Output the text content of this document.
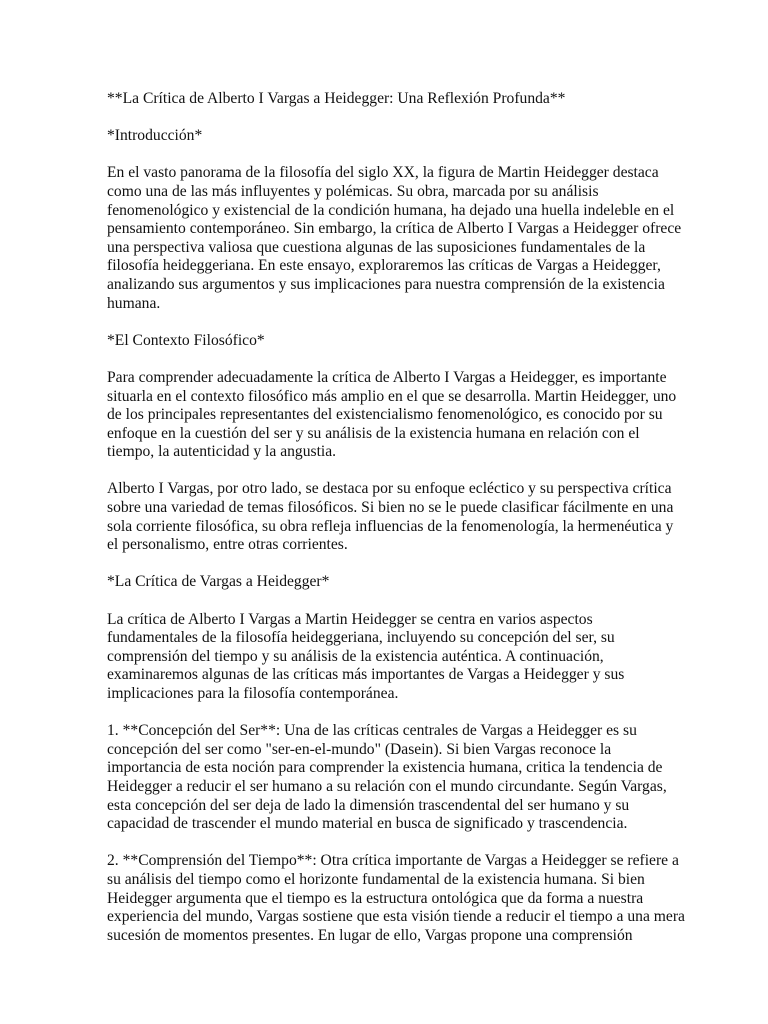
**La Crítica de Alberto I Vargas a Heidegger: Una Reflexión Profunda**

*Introducción*

En el vasto panorama de la filosofía del siglo XX, la figura de Martin Heidegger destaca como una de las más influyentes y polémicas. Su obra, marcada por su análisis fenomenológico y existencial de la condición humana, ha dejado una huella indeleble en el pensamiento contemporáneo. Sin embargo, la crítica de Alberto I Vargas a Heidegger ofrece una perspectiva valiosa que cuestiona algunas de las suposiciones fundamentales de la filosofía heideggeriana. En este ensayo, exploraremos las críticas de Vargas a Heidegger, analizando sus argumentos y sus implicaciones para nuestra comprensión de la existencia humana.

*El Contexto Filosófico*

Para comprender adecuadamente la crítica de Alberto I Vargas a Heidegger, es importante situarla en el contexto filosófico más amplio en el que se desarrolla. Martin Heidegger, uno de los principales representantes del existencialismo fenomenológico, es conocido por su enfoque en la cuestión del ser y su análisis de la existencia humana en relación con el tiempo, la autenticidad y la angustia.

Alberto I Vargas, por otro lado, se destaca por su enfoque ecléctico y su perspectiva crítica sobre una variedad de temas filosóficos. Si bien no se le puede clasificar fácilmente en una sola corriente filosófica, su obra refleja influencias de la fenomenología, la hermenéutica y el personalismo, entre otras corrientes.

*La Crítica de Vargas a Heidegger*

La crítica de Alberto I Vargas a Martin Heidegger se centra en varios aspectos fundamentales de la filosofía heideggeriana, incluyendo su concepción del ser, su comprensión del tiempo y su análisis de la existencia auténtica. A continuación, examinaremos algunas de las críticas más importantes de Vargas a Heidegger y sus implicaciones para la filosofía contemporánea.

1. **Concepción del Ser**: Una de las críticas centrales de Vargas a Heidegger es su concepción del ser como "ser-en-el-mundo" (Dasein). Si bien Vargas reconoce la importancia de esta noción para comprender la existencia humana, critica la tendencia de Heidegger a reducir el ser humano a su relación con el mundo circundante. Según Vargas, esta concepción del ser deja de lado la dimensión trascendental del ser humano y su capacidad de trascender el mundo material en busca de significado y trascendencia.

2. **Comprensión del Tiempo**: Otra crítica importante de Vargas a Heidegger se refiere a su análisis del tiempo como el horizonte fundamental de la existencia humana. Si bien Heidegger argumenta que el tiempo es la estructura ontológica que da forma a nuestra experiencia del mundo, Vargas sostiene que esta visión tiende a reducir el tiempo a una mera sucesión de momentos presentes. En lugar de ello, Vargas propone una comprensión
